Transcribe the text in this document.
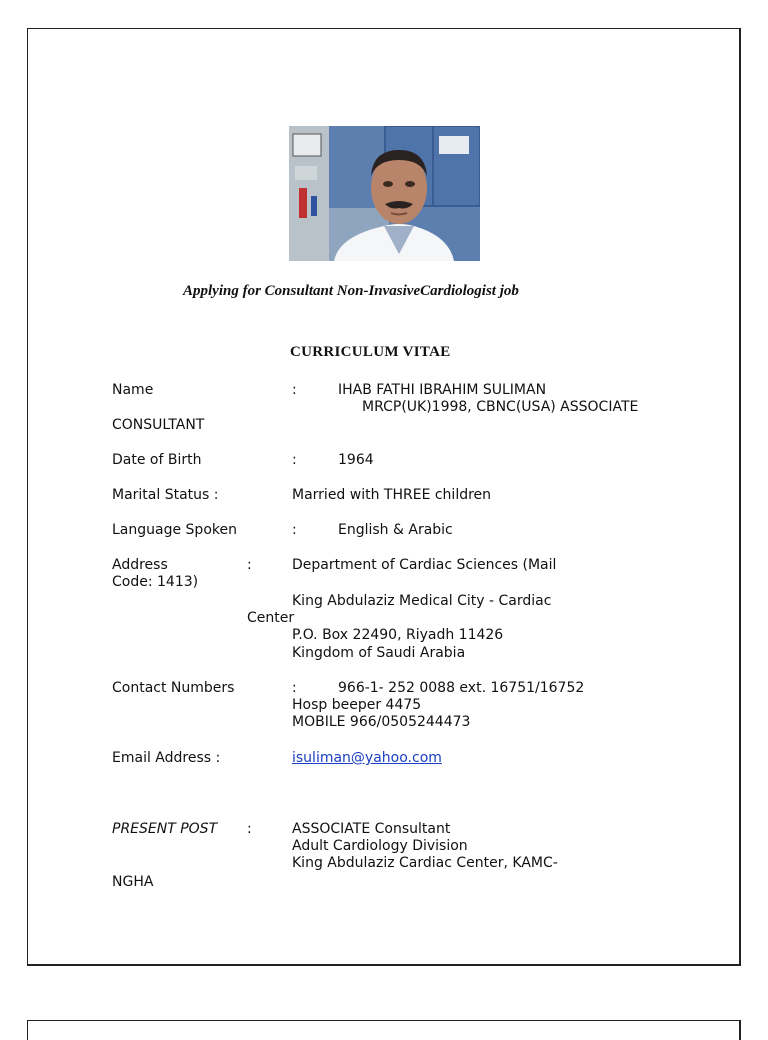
Applying for Consultant Non-InvasiveCardiologist job
CURRICULUM VITAE
Name	:	IHAB FATHI IBRAHIM SULIMAN
MRCP(UK)1998, CBNC(USA) ASSOCIATE
CONSULTANT
Date of Birth	:	1964
Marital Status :	Married with THREE children
Language Spoken	:	English & Arabic
Address	:	Department of Cardiac Sciences (Mail
Code: 1413)
King Abdulaziz Medical City - Cardiac
Center
P.O. Box 22490, Riyadh 11426
Kingdom of Saudi Arabia
Contact Numbers	:	966-1- 252 0088 ext. 16751/16752
Hosp beeper 4475
MOBILE 966/0505244473
Email Address :	isuliman@yahoo.com
PRESENT POST :	ASSOCIATE Consultant
Adult Cardiology Division
King Abdulaziz Cardiac Center, KAMC-
NGHA
